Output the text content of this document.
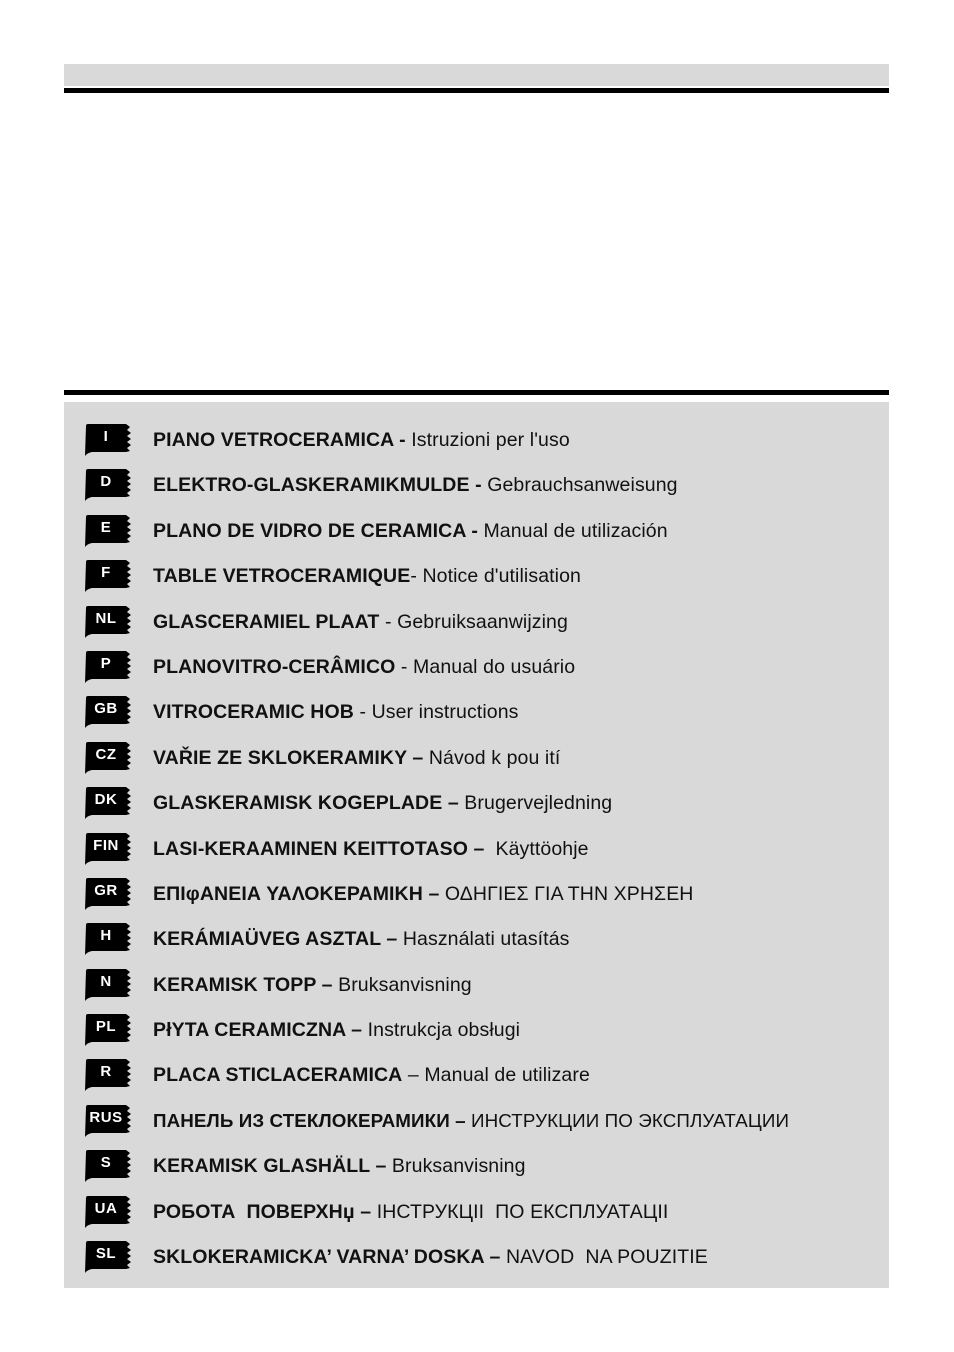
I	PIANO VETROCERAMICA - Istruzioni per l'uso
D	ELEKTRO-GLASKERAMIKMULDE - Gebrauchsanweisung
E	PLANO DE VIDRO DE CERAMICA - Manual de utilización
F	TABLE VETROCERAMIQUE- Notice d'utilisation
NL	GLASCERAMIEL PLAAT - Gebruiksaanwijzing
P	PLANOVITRO-CERÂMICO - Manual do usuário
GB	VITROCERAMIC HOB - User instructions
CZ	VAŘIE ZE SKLOKERAMIKY – Návod k pou ití
DK	GLASKERAMISK KOGEPLADE – Brugervejledning
FIN	LASI-KERAAMINEN KEITTOTASO –  Käyttöohje
GR	ΕΠΙφΑΝΕΙΑ ΥΑΛΟΚΕΡΑΜΙΚΗ – ΟΔΗΓΙΕΣ ΓΙΑ ΤΗΝ ΧΡΗΣΕΗ
H	KERÁMIAÜVEG ASZTAL – Használati utasítás
N	KERAMISK TOPP – Bruksanvisning
PL	PłYTA CERAMICZNA – Instrukcja obsługi
R	PLACA STICLACERAMICA – Manual de utilizare
RUS ПАНЕЛЬ ИЗ СТЕКЛОКЕРАМИКИ – ИНСТРУКЦИИ ПО ЭКСПЛУАТАЦИИ
S	KERAMISK GLASHÄLL – Bruksanvisning
UA	РОБОТА  ПОВЕРХНџ – ІНСТРУКЦІІ  ПО ЕКСПЛУАТАЦІІ
SL	SKLOKERAMICKA’ VARNA’ DOSKA – NAVOD  NA POUZITIE
